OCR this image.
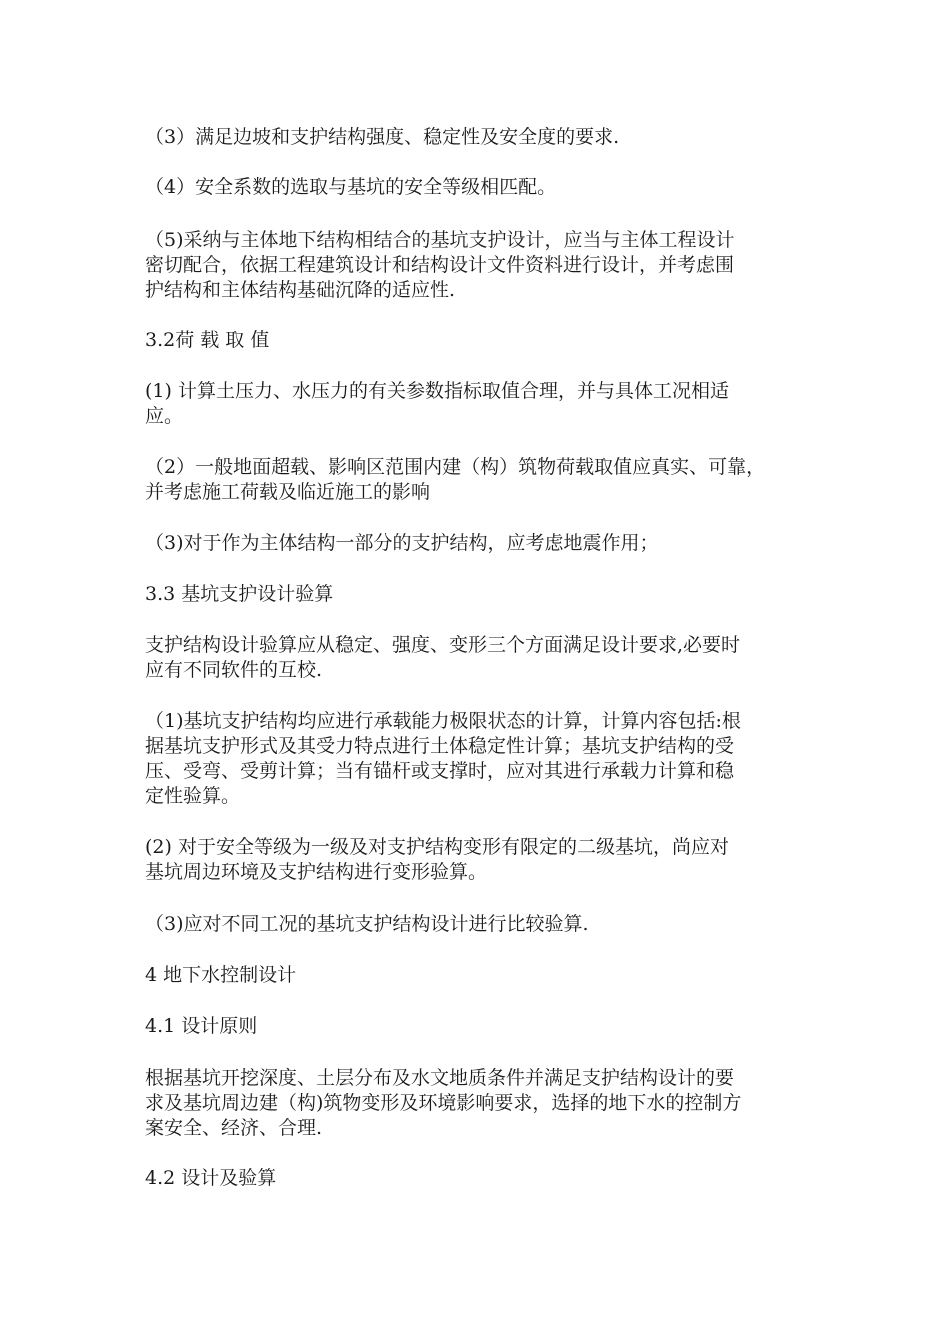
（3）满足边坡和支护结构强度、稳定性及安全度的要求.

（4）安全系数的选取与基坑的安全等级相匹配。

（5)采纳与主体地下结构相结合的基坑支护设计，应当与主体工程设计
密切配合，依据工程建筑设计和结构设计文件资料进行设计，并考虑围
护结构和主体结构基础沉降的适应性.

3.2荷 载 取 值

(1) 计算土压力、水压力的有关参数指标取值合理，并与具体工况相适
应。

（2）一般地面超载、影响区范围内建（构）筑物荷载取值应真实、可靠，
并考虑施工荷载及临近施工的影响

（3)对于作为主体结构一部分的支护结构，应考虑地震作用；

3.3 基坑支护设计验算

支护结构设计验算应从稳定、强度、变形三个方面满足设计要求,必要时
应有不同软件的互校.

（1)基坑支护结构均应进行承载能力极限状态的计算，计算内容包括:根
据基坑支护形式及其受力特点进行土体稳定性计算；基坑支护结构的受
压、受弯、受剪计算；当有锚杆或支撑时，应对其进行承载力计算和稳
定性验算。

(2) 对于安全等级为一级及对支护结构变形有限定的二级基坑，尚应对
基坑周边环境及支护结构进行变形验算。

（3)应对不同工况的基坑支护结构设计进行比较验算.

4 地下水控制设计

4.1 设计原则

根据基坑开挖深度、土层分布及水文地质条件并满足支护结构设计的要
求及基坑周边建（构)筑物变形及环境影响要求，选择的地下水的控制方
案安全、经济、合理.

4.2 设计及验算
